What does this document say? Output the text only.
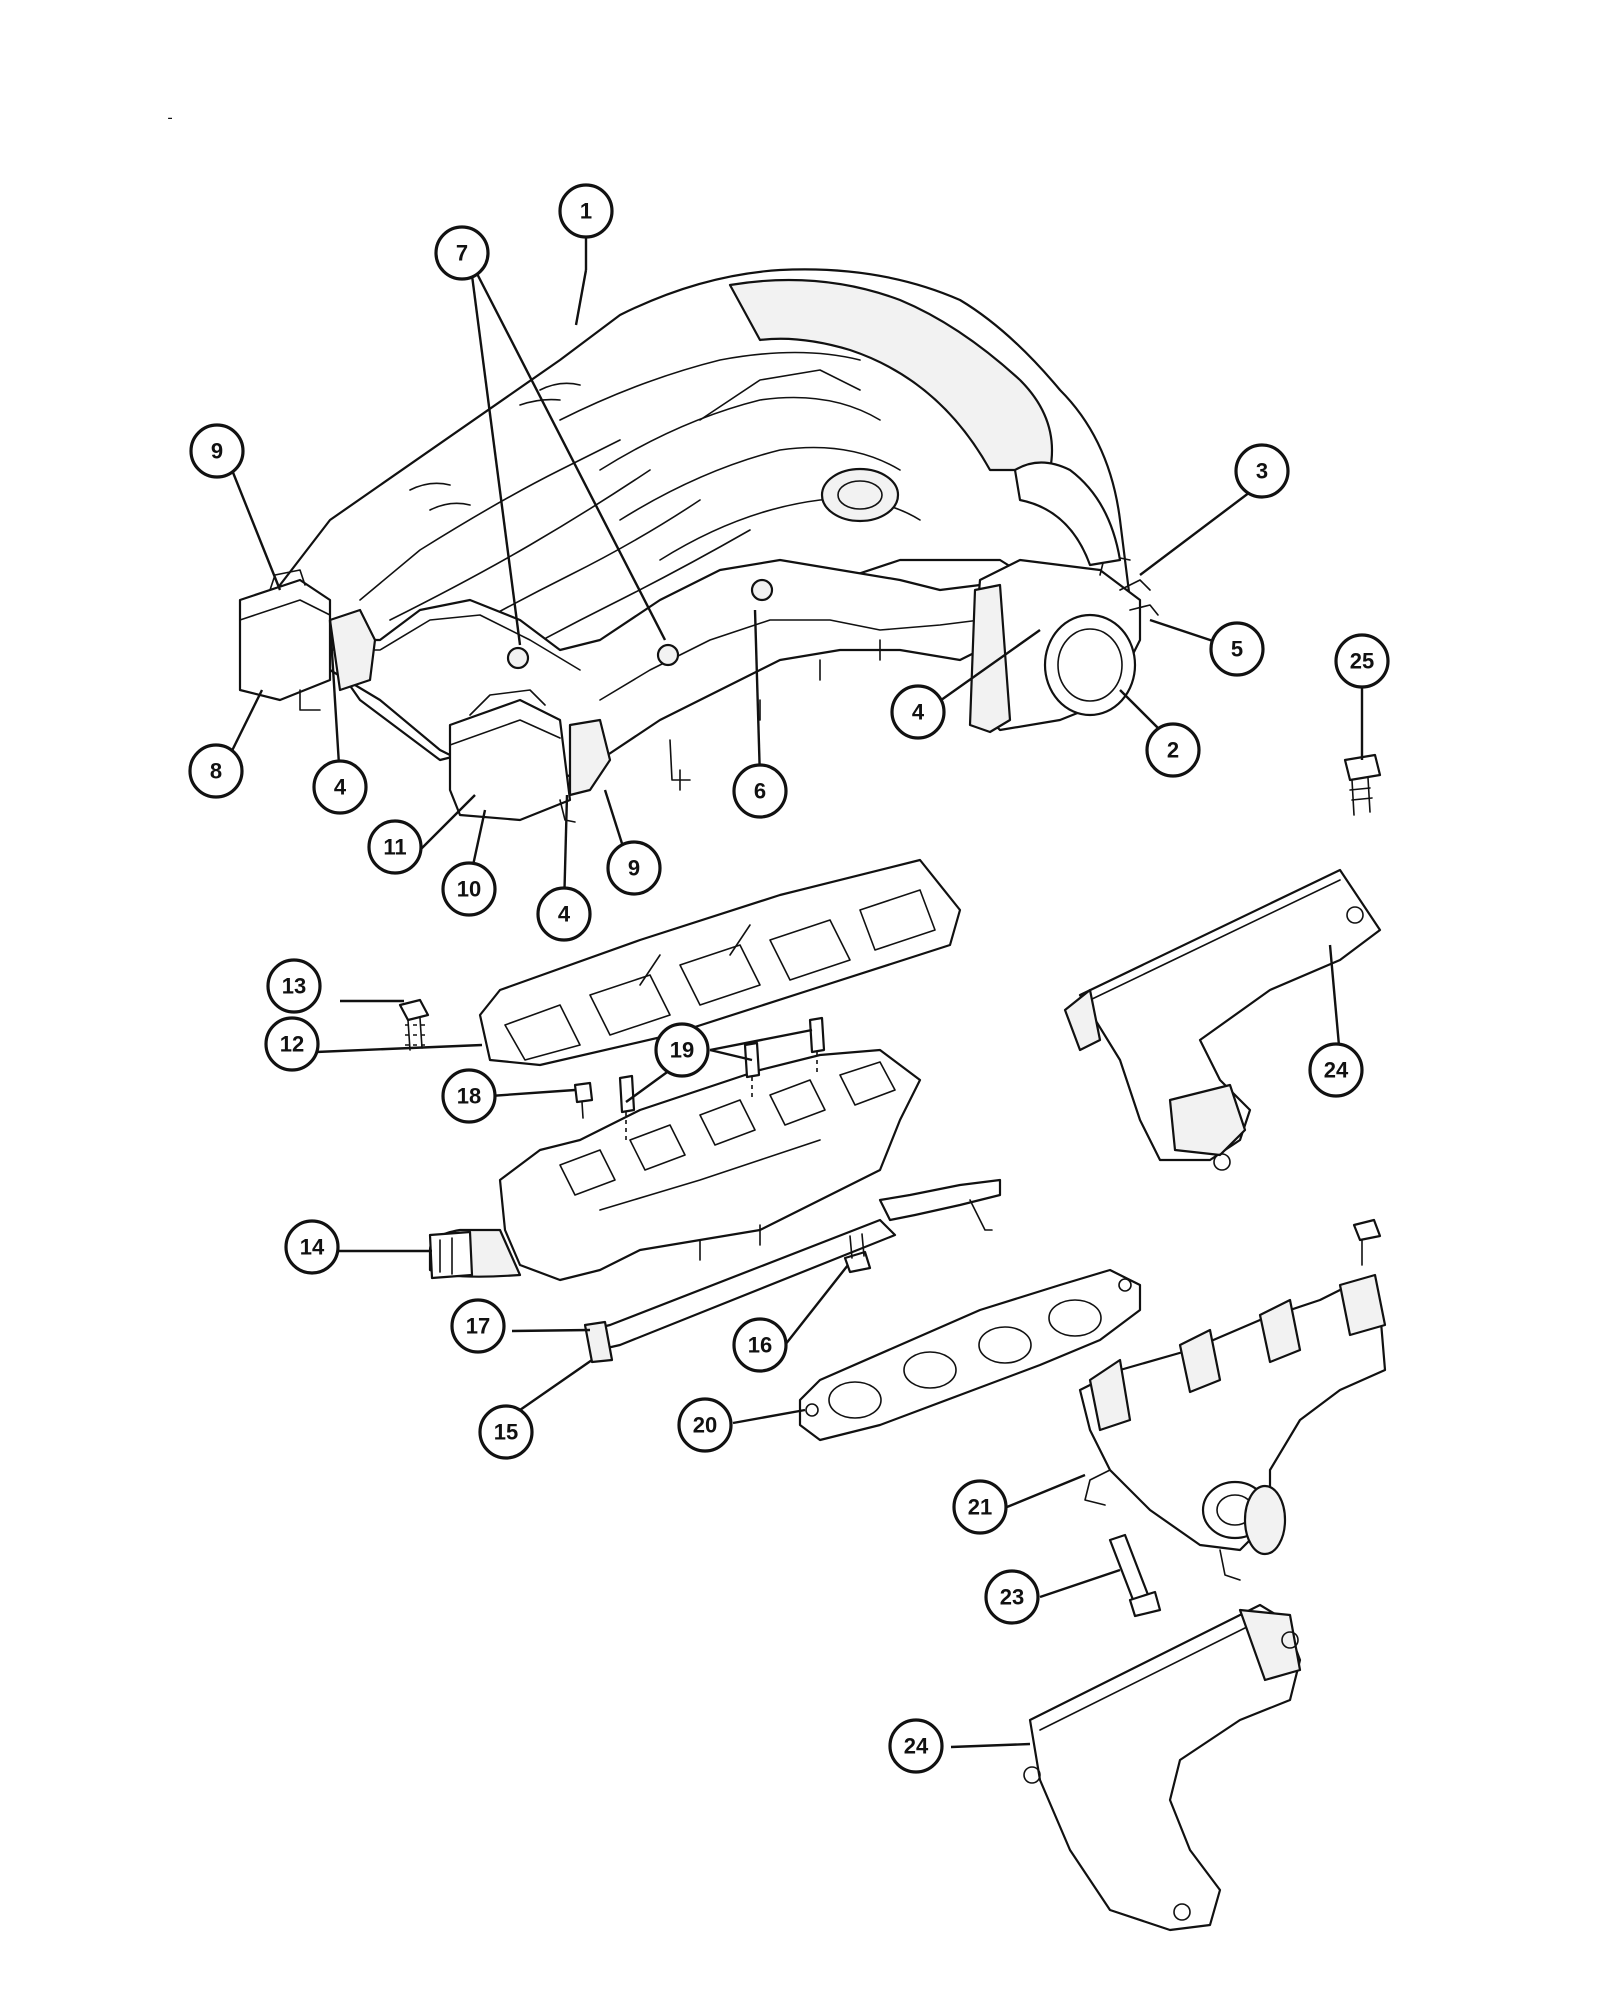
-
1
7
9
3
5
4
2
25
8
4	6
11
9
10
4
13
12	19
18
24
14
17
16
20
15
21
23
24
